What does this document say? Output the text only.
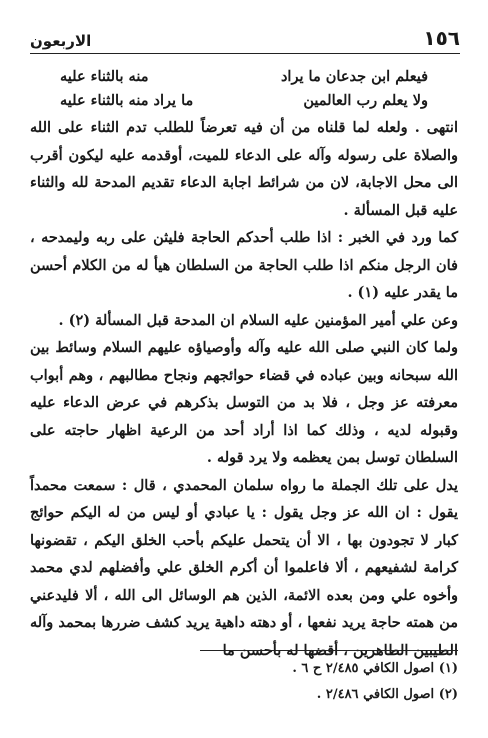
١٥٦
الاربعون
فيعلم ابن جدعان ما يراد
منه بالثناء عليه
ولا يعلم رب العالمين
ما يراد منه بالثناء عليه

انتهى . ولعله لما قلناه من أن فيه تعرضاً للطلب تدم الثناء على الله والصلاة على رسوله وآله على الدعاء للميت، أوقدمه عليه ليكون أقرب الى محل الاجابة، لان من شرائط اجابة الدعاء تقديم المدحة لله والثناء عليه قبل المسألة .

كما ورد في الخبر : اذا طلب أحدكم الحاجة فليثن على ربه وليمدحه ، فان الرجل منكم اذا طلب الحاجة من السلطان هيأ له من الكلام أحسن ما يقدر عليه (١) .

وعن علي أمير المؤمنين عليه السلام ان المدحة قبل المسألة (٢) .

ولما كان النبي صلى الله عليه وآله وأوصياؤه عليهم السلام وسائط بين الله سبحانه وبين عباده في قضاء حوائجهم ونجاح مطالبهم ، وهم أبواب معرفته عز وجل ، فلا بد من التوسل بذكرهم في عرض الدعاء عليه وقبوله لديه ، وذلك كما اذا أراد أحد من الرعية اظهار حاجته على السلطان توسل بمن يعظمه ولا يرد قوله .

يدل على تلك الجملة ما رواه سلمان المحمدي ، قال : سمعت محمداً يقول : ان الله عز وجل يقول : يا عبادي أو ليس من له اليكم حوائج كبار لا تجودون بها ، الا أن يتحمل عليكم بأحب الخلق اليكم ، تقضونها كرامة لشفيعهم ، ألا فاعلموا أن أكرم الخلق علي وأفضلهم لدي محمد وأخوه علي ومن بعده الائمة، الذين هم الوسائل الى الله ، ألا فليدعني من همته حاجة يريد نفعها ، أو دهته داهية يريد كشف ضررها بمحمد وآله الطيبين الطاهرين ، أقضها له بأحسن ما

(١) اصول الكافي ٢/٤٨٥ ح ٦ .
(٢) اصول الكافي ٢/٤٨٦ .
